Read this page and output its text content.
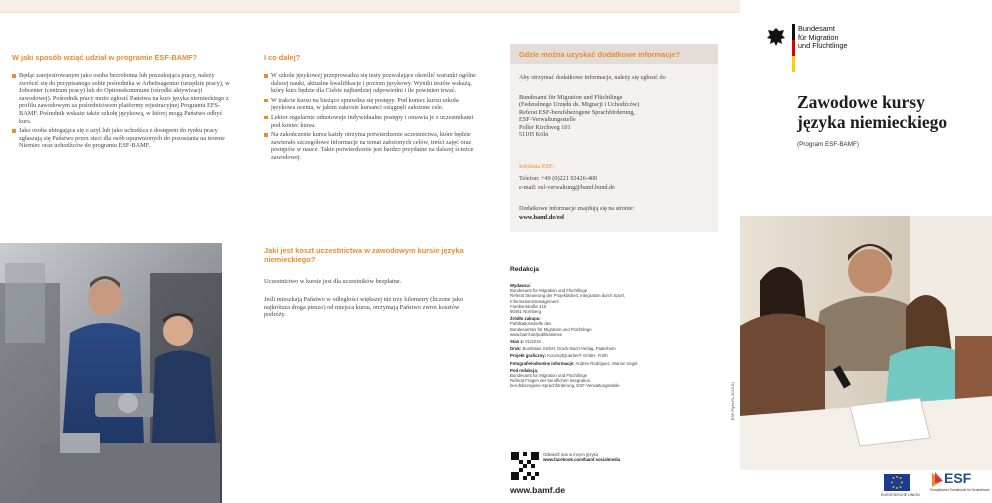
W jaki sposób wziąć udział w programie ESF-BAMF?
Będąc zarejestrowanym jako osoba bezrobotna lub poszukująca pracy, należy zwrócić się do przypisanego sobie pośrednika w Arbeitsagentur (urzędzie pracy), w Jobcenter (centrum pracy) lub do Optionskommune (ośrodki aktywizacji zawodowej). Pośrednik pracy może zgłosić Państwa na kurs języka niemieckiego z profilu zawodowym za pośrednictwem platformy rejestracyjnej Programu EFS-BAMF. Pośrednik wskaże także szkołę językową, w której mogą Państwo odbyć kurs.
Jako osoba ubiegająca się o azyl lub jako uchodźca z dostępem do rynku pracy zgłaszają się Państwo przez sieci dla osób uprawnionych do pozostania na terenie Niemiec oraz uchodźców do programu ESF-BAMF.
I co dalej?
W szkole językowej przeprowadza się testy pozwalające określić warunki ogólne dalszej nauki, aktualne kwalifikacje i poziom językowy. Wyniki testów wskażą, który kurs będzie dla Ciebie najbardziej odpowiedni i ile powinien trwać.
W trakcie kursu na bieżąco sprawdza się postępy. Pod koniec kursu szkoła językowa ocenia, w jakim zakresie kursanci osiągnęli założone cele.
Lektor regularnie odnotowuje indywidualne postępy i omawia je z uczestnikami pod koniec kursu.
Na zakończenie kursu każdy otrzyma potwierdzenie uczestnictwa, które będzie zawierało szczegółowe informacje na temat założonych celów, treści zajęć oraz postępów w nauce. Takie potwierdzenie jest bardzo przydatne na dalszej ścieżce zawodowej.
Jaki jest koszt uczestnictwa w zawodowym kursie języka niemieckiego?
Uczestnictwo w kursie jest dla uczestników bezpłatne.
Jeśli mieszkają Państwo w odległości większej niż trzy kilometry (liczone jako najkrótsza droga pieszo) od miejsca kursu, otrzymają Państwo zwrot kosztów podróży.
Gdzie można uzyskać dodatkowe informacje?
Aby otrzymać dodatkowe informacje, należy się zgłosić do
Bundesamt für Migration und Flüchtlinge
(Federalnego Urzędu ds. Migracji i Uchodźców)
Referat ESF-berufsbezogene Sprachförderung,
ESF-Verwaltungsstelle
Poller Kirchweg 101
51105 Köln
Infolinia ESF:
Telefon: +49 (0)221 92426-400
e-mail: esf-verwaltung@bamf.bund.de
Dodatkowe informacje znajdują się na stronie:
www.bamf.de/esf
Redakcja
Wydawca:
Bundesamt für Migration und Flüchtlinge
Referat Steuerung der Projektarbeit, Integration durch Sport,
Informationsmanagement
Frankenstraße 210
90461 Nürnberg
Źródło zakupu:
Publikationsstelle des
Bundesamtes für Migration und Flüchtlinge
www.bamf.de/publikationen
Stan z: 01/2015
Druk: Bonifatius GmbH, Druck-Buch-Verlag, Paderborn
Projekt graficzny: KonzeptQuartier® GmbH, Fürth
Fotografie/odnośne informacje: Andres Rodriguez, Marion Vogel
Pod redakcją:
Bundesamt für Migration und Flüchtlinge
Referat Fragen der beruflichen Integration,
berufsbezogene Sprachförderung, ESF-Verwaltungsstelle
Odwiedź nas w innym języku
www.facebook.com/bamf.socialmedia
www.bamf.de
ESF-Flyer-PL-2015-01
Bundesamt
für Migration
und Flüchtlinge
Zawodowe kursy
języka niemieckiego
(Program ESF-BAMF)
EUROPÄISCHE UNION
ESF
Europäischer Sozialfonds für Deutschland
